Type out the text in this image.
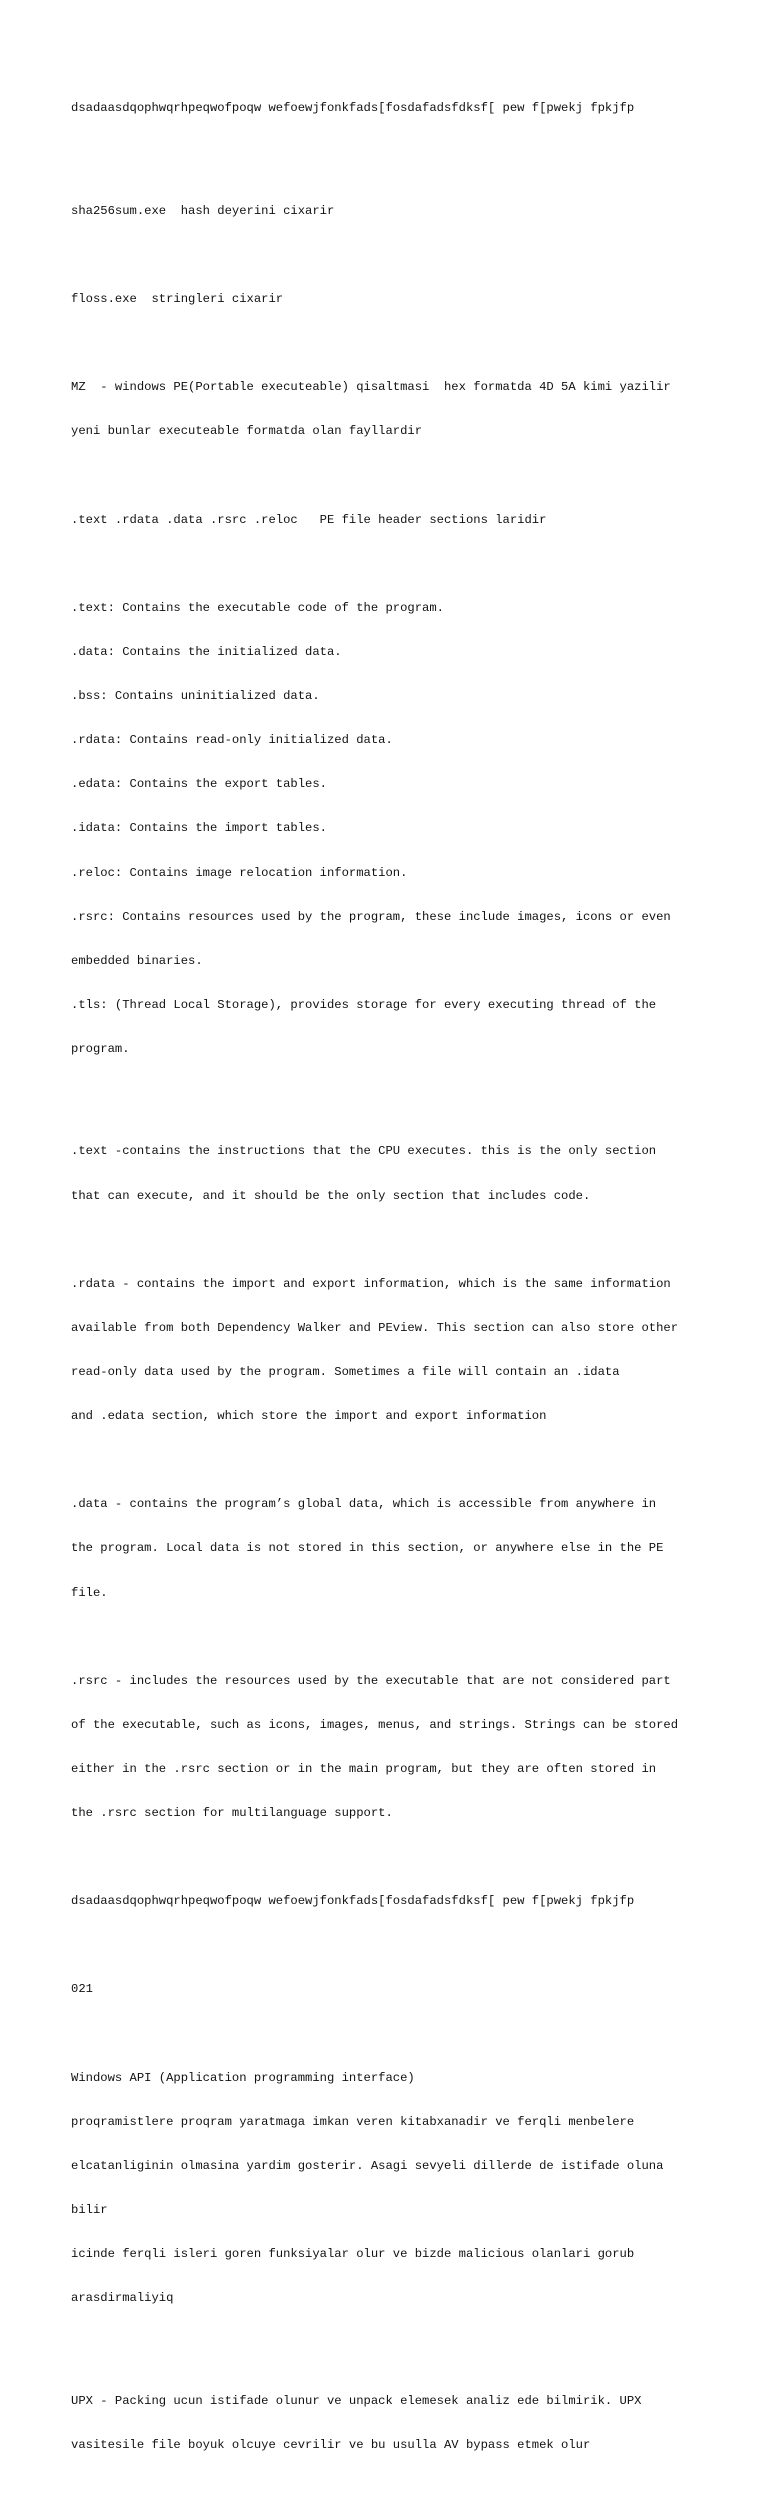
dsadaasdqophwqrhpeqwofpoqw wefoewjfonkfads[fosdafadsfdksf[ pew f[pwekj fpkjfp

sha256sum.exe  hash deyerini cixarir

floss.exe  stringleri cixarir

MZ  - windows PE(Portable executeable) qisaltmasi  hex formatda 4D 5A kimi yazilir

yeni bunlar executeable formatda olan fayllardir

.text .rdata .data .rsrc .reloc   PE file header sections laridir

.text: Contains the executable code of the program.

.data: Contains the initialized data.

.bss: Contains uninitialized data.

.rdata: Contains read-only initialized data.

.edata: Contains the export tables.

.idata: Contains the import tables.

.reloc: Contains image relocation information.

.rsrc: Contains resources used by the program, these include images, icons or even

embedded binaries.

.tls: (Thread Local Storage), provides storage for every executing thread of the

program.

.text -contains the instructions that the CPU executes. this is the only section

that can execute, and it should be the only section that includes code.

.rdata - contains the import and export information, which is the same information

available from both Dependency Walker and PEview. This section can also store other

read-only data used by the program. Sometimes a file will contain an .idata

and .edata section, which store the import and export information

.data - contains the program’s global data, which is accessible from anywhere in

the program. Local data is not stored in this section, or anywhere else in the PE

file.

.rsrc - includes the resources used by the executable that are not considered part

of the executable, such as icons, images, menus, and strings. Strings can be stored

either in the .rsrc section or in the main program, but they are often stored in

the .rsrc section for multilanguage support.

dsadaasdqophwqrhpeqwofpoqw wefoewjfonkfads[fosdafadsfdksf[ pew f[pwekj fpkjfp

021

Windows API (Application programming interface)

proqramistlere proqram yaratmaga imkan veren kitabxanadir ve ferqli menbelere

elcatanliginin olmasina yardim gosterir. Asagi sevyeli dillerde de istifade oluna

bilir

icinde ferqli isleri goren funksiyalar olur ve bizde malicious olanlari gorub

arasdirmaliyiq

UPX - Packing ucun istifade olunur ve unpack elemesek analiz ede bilmirik. UPX

vasitesile file boyuk olcuye cevrilir ve bu usulla AV bypass etmek olur
